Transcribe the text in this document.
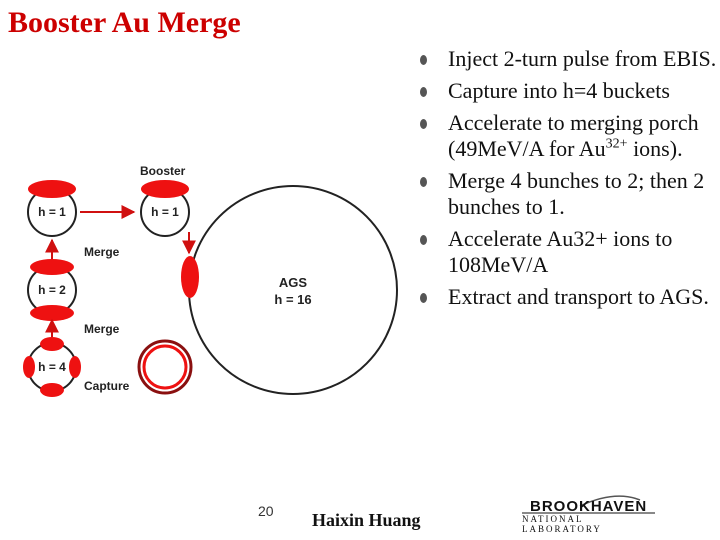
Booster Au Merge
AGS
h = 16
Booster
h = 1
h = 1
Merge
h = 2
Merge
h = 4
Capture
Inject 2-turn pulse from EBIS.
Capture into h=4 buckets
Accelerate to merging porch (49MeV/A for $Au^{32+}$ ions).
Merge 4 bunches to 2; then 2 bunches to 1.
Accelerate Au32+ ions to 108MeV/A
Extract and transport to AGS.
20 Haixin Huang
BROOKHAVEN
NATIONAL LABORATORY
